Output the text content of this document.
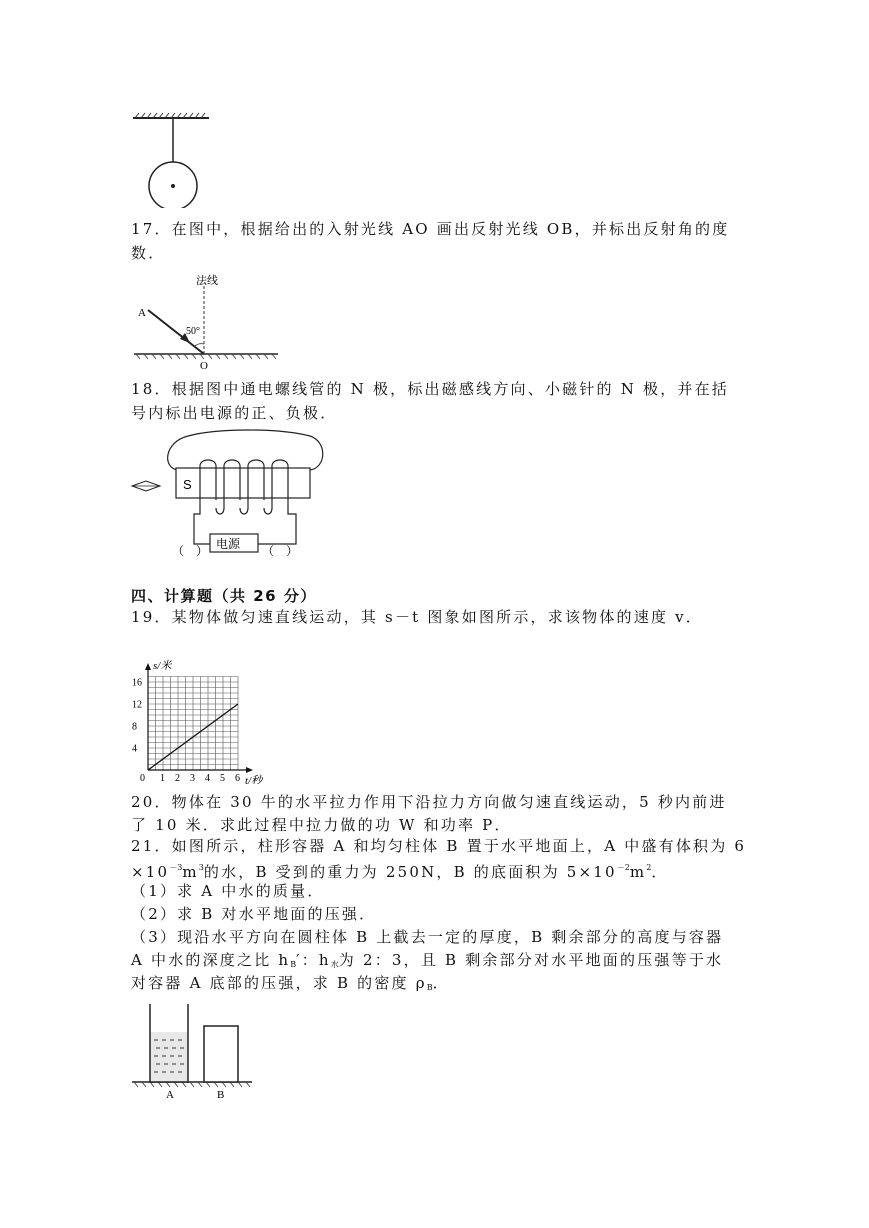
17．在图中，根据给出的入射光线 AO 画出反射光线 OB，并标出反射角的度
数．
法线
A
50°
O
18．根据图中通电螺线管的 N 极，标出磁感线方向、小磁针的 N 极，并在括
号内标出电源的正、负极．
S
电源
（　）	（　）
四、计算题（共 26 分）
19．某物体做匀速直线运动，其 s－t 图象如图所示，求该物体的速度 v．
0 1 2 3 4 5 6
4
8
12
16
s/米
t/秒
20．物体在 30 牛的水平拉力作用下沿拉力方向做匀速直线运动，5 秒内前进
了 10 米．求此过程中拉力做的功 W 和功率 P．
21．如图所示，柱形容器 A 和均匀柱体 B 置于水平地面上，A 中盛有体积为 6
$\times 10^{-3}m^3$的水，B 受到的重力为 250N，B 的底面积为 $5\times 10^{-2}m^2$．
（1）求 A 中水的质量．
（2）求 B 对水平地面的压强．
（3）现沿水平方向在圆柱体 B 上截去一定的厚度，B 剩余部分的高度与容器
A 中水的深度之比 $h_B'$：$h_水$为 2：3，且 B 剩余部分对水平地面的压强等于水
对容器 A 底部的压强，求 B 的密度 $\rho_B$．
A	B
